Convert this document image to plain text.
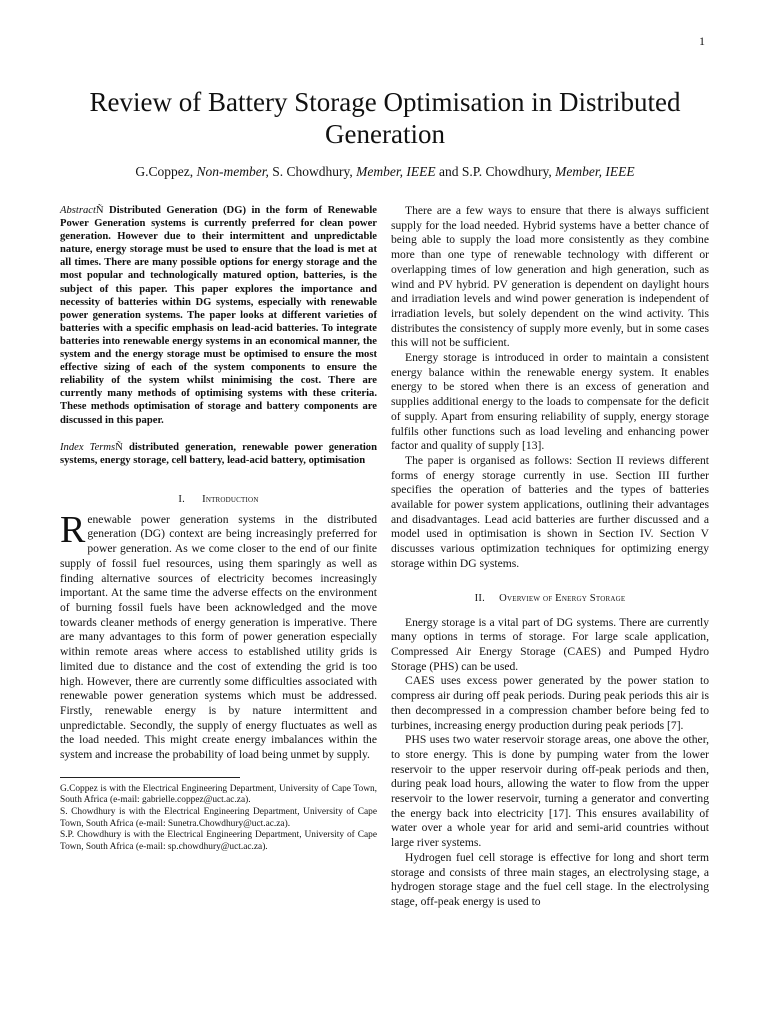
1
Review of Battery Storage Optimisation in Distributed Generation
G.Coppez, Non-member, S. Chowdhury, Member, IEEE and S.P. Chowdhury, Member, IEEE

AbstractÑ Distributed Generation (DG) in the form of Renewable Power Generation systems is currently preferred for clean power generation. However due to their intermittent and unpredictable nature, energy storage must be used to ensure that the load is met at all times. There are many possible options for energy storage and the most popular and technologically matured option, batteries, is the subject of this paper. This paper explores the importance and necessity of batteries within DG systems, especially with renewable power generation systems. The paper looks at different varieties of batteries with a specific emphasis on lead-acid batteries. To integrate batteries into renewable energy systems in an economical manner, the system and the energy storage must be optimised to ensure the most effective sizing of each of the system components to ensure the reliability of the system whilst minimising the cost. There are currently many methods of optimising systems with these criteria. These methods optimisation of storage and battery components are discussed in this paper.

Index TermsÑ distributed generation, renewable power generation systems, energy storage, cell battery, lead-acid battery, optimisation

I.      Introduction

Renewable power generation systems in the distributed generation (DG) context are being increasingly preferred for power generation. As we come closer to the end of our finite supply of fossil fuel resources, using them sparingly as well as finding alternative sources of electricity becomes increasingly important. At the same time the adverse effects on the environment of burning fossil fuels have been acknowledged and the move towards cleaner methods of energy generation is imperative. There are many advantages to this form of power generation especially within remote areas where access to established utility grids is limited due to distance and the cost of extending the grid is too high. However, there are currently some difficulties associated with renewable power generation systems which must be addressed. Firstly, renewable energy is by nature intermittent and unpredictable. Secondly, the supply of energy fluctuates as well as the load needed. This might create energy imbalances within the system and increase the probability of load being unmet by supply.

G.Coppez is with the Electrical Engineering Department, University of Cape Town, South Africa (e-mail: gabrielle.coppez@uct.ac.za).

S. Chowdhury is with the Electrical Engineering Department, University of Cape Town, South Africa (e-mail: Sunetra.Chowdhury@uct.ac.za).

S.P. Chowdhury is with the Electrical Engineering Department, University of Cape Town, South Africa (e-mail: sp.chowdhury@uct.ac.za).

There are a few ways to ensure that there is always sufficient supply for the load needed. Hybrid systems have a better chance of being able to supply the load more consistently as they combine more than one type of renewable technology with different or overlapping times of low generation and high generation, such as wind and PV hybrid. PV generation is dependent on daylight hours and irradiation levels and wind power generation is independent of irradiation levels, but solely dependent on the wind activity. This distributes the consistency of supply more evenly, but in some cases this will not be sufficient.

Energy storage is introduced in order to maintain a consistent energy balance within the renewable energy system. It enables energy to be stored when there is an excess of generation and supplies additional energy to the loads to compensate for the deficit of supply. Apart from ensuring reliability of supply, energy storage fulfils other functions such as load leveling and enhancing power factor and quality of supply [13].

The paper is organised as follows: Section II reviews different forms of energy storage currently in use. Section III further specifies the operation of batteries and the types of batteries available for power system applications, outlining their advantages and disadvantages. Lead acid batteries are further discussed and a model used in optimisation is shown in Section IV. Section V discusses various optimization techniques for optimizing energy storage within DG systems.

II.     Overview of Energy Storage

Energy storage is a vital part of DG systems. There are currently many options in terms of storage. For large scale application, Compressed Air Energy Storage (CAES) and Pumped Hydro Storage (PHS) can be used.

CAES uses excess power generated by the power station to compress air during off peak periods. During peak periods this air is then decompressed in a compression chamber before being fed to turbines, increasing energy production during peak periods [7].

PHS uses two water reservoir storage areas, one above the other, to store energy. This is done by pumping water from the lower reservoir to the upper reservoir during off-peak periods and then, during peak load hours, allowing the water to flow from the upper reservoir to the lower reservoir, turning a generator and converting the energy back into electricity [17]. This ensures availability of water over a whole year for arid and semi-arid countries without large river systems.

Hydrogen fuel cell storage is effective for long and short term storage and consists of three main stages, an electrolysing stage, a hydrogen storage stage and the fuel cell stage. In the electrolysing stage, off-peak energy is used to
